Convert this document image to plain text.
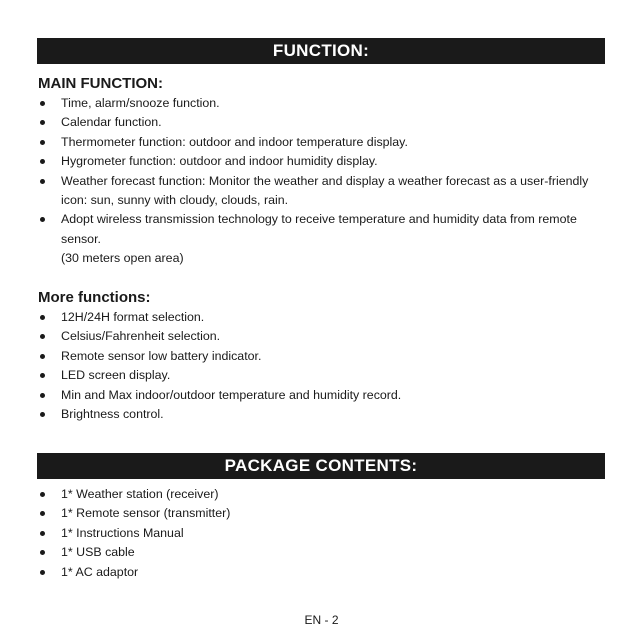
FUNCTION:
MAIN FUNCTION:
Time, alarm/snooze function.
Calendar function.
Thermometer function: outdoor and indoor temperature display.
Hygrometer function: outdoor and indoor humidity display.
Weather forecast function: Monitor the weather and display a weather forecast as a user-friendly icon: sun, sunny with cloudy, clouds, rain.
Adopt wireless transmission technology to receive temperature and humidity data from remote sensor.
(30 meters open area)
More functions:
12H/24H format selection.
Celsius/Fahrenheit selection.
Remote sensor low battery indicator.
LED screen display.
Min and Max indoor/outdoor temperature and humidity record.
Brightness control.
PACKAGE CONTENTS:
1* Weather station (receiver)
1* Remote sensor (transmitter)
1* Instructions Manual
1* USB cable
1* AC adaptor
EN - 2
